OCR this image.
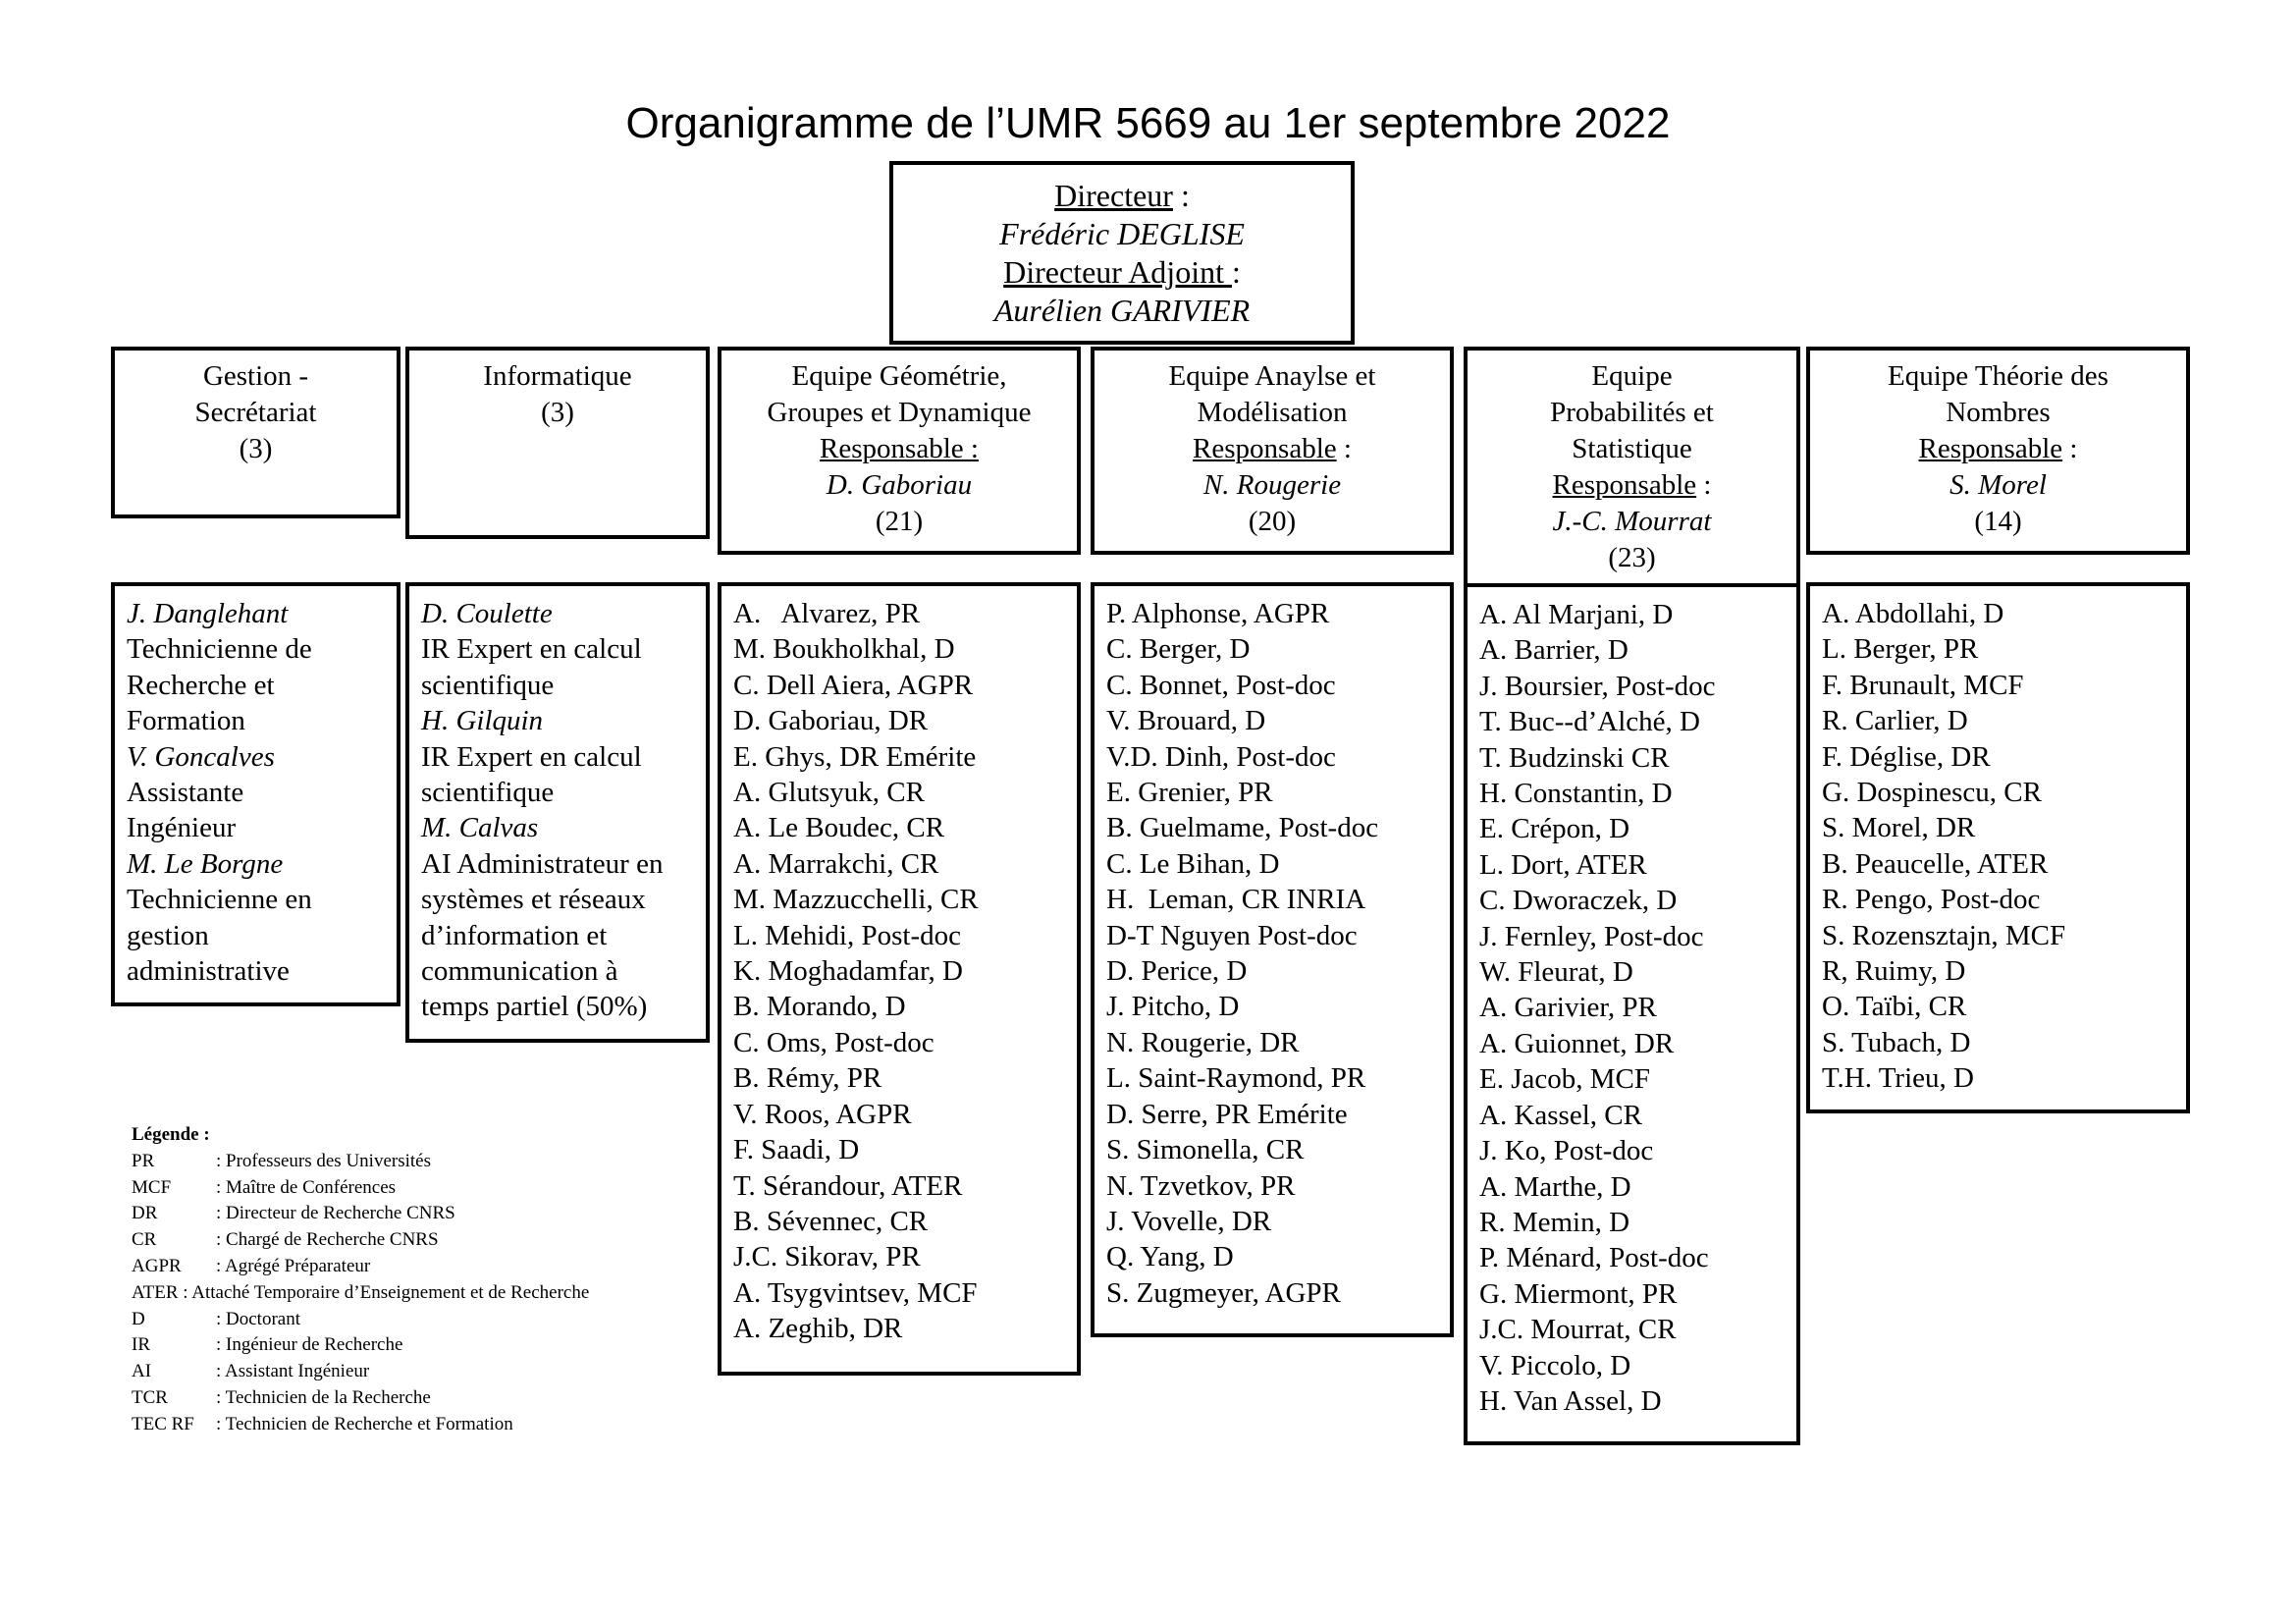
Organigramme de l’UMR 5669 au 1er septembre 2022
Directeur :
Frédéric DEGLISE
Directeur Adjoint :
Aurélien GARIVIER
Gestion -
Secrétariat
(3)
Informatique
(3)
Equipe Géométrie,
Groupes et Dynamique
Responsable :
D. Gaboriau
(21)
Equipe Anaylse et
Modélisation
Responsable :
N. Rougerie
(20)
Equipe
Probabilités et
Statistique
Responsable :
J.-C. Mourrat
(23)
Equipe Théorie des
Nombres
Responsable :
S. Morel
(14)
J. Danglehant
Technicienne de
Recherche et
Formation
V. Goncalves
Assistante
Ingénieur
M. Le Borgne
Technicienne en
gestion
administrative
D. Coulette
IR Expert en calcul
scientifique
H. Gilquin
IR Expert en calcul
scientifique
M. Calvas
AI Administrateur en
systèmes et réseaux
d’information et
communication à
temps partiel (50%)
A.   Alvarez, PR
M. Boukholkhal, D
C. Dell Aiera, AGPR
D. Gaboriau, DR
E. Ghys, DR Emérite
A. Glutsyuk, CR
A. Le Boudec, CR
A. Marrakchi, CR
M. Mazzucchelli, CR
L. Mehidi, Post-doc
K. Moghadamfar, D
B. Morando, D
C. Oms, Post-doc
B. Rémy, PR
V. Roos, AGPR
F. Saadi, D
T. Sérandour, ATER
B. Sévennec, CR
J.C. Sikorav, PR
A. Tsygvintsev, MCF
A. Zeghib, DR
P. Alphonse, AGPR
C. Berger, D
C. Bonnet, Post-doc
V. Brouard, D
V.D. Dinh, Post-doc
E. Grenier, PR
B. Guelmame, Post-doc
C. Le Bihan, D
H.  Leman, CR INRIA
D-T Nguyen Post-doc
D. Perice, D
J. Pitcho, D
N. Rougerie, DR
L. Saint-Raymond, PR
D. Serre, PR Emérite
S. Simonella, CR
N. Tzvetkov, PR
J. Vovelle, DR
Q. Yang, D
S. Zugmeyer, AGPR
A. Al Marjani, D
A. Barrier, D
J. Boursier, Post-doc
T. Buc--d’Alché, D
T. Budzinski CR
H. Constantin, D
E. Crépon, D
L. Dort, ATER
C. Dworaczek, D
J. Fernley, Post-doc
W. Fleurat, D
A. Garivier, PR
A. Guionnet, DR
E. Jacob, MCF
A. Kassel, CR
J. Ko, Post-doc
A. Marthe, D
R. Memin, D
P. Ménard, Post-doc
G. Miermont, PR
J.C. Mourrat, CR
V. Piccolo, D
H. Van Assel, D
A. Abdollahi, D
L. Berger, PR
F. Brunault, MCF
R. Carlier, D
F. Déglise, DR
G. Dospinescu, CR
S. Morel, DR
B. Peaucelle, ATER
R. Pengo, Post-doc
S. Rozensztajn, MCF
R, Ruimy, D
O. Taïbi, CR
S. Tubach, D
T.H. Trieu, D
Légende :
PR	: Professeurs des Universités
MCF : Maître de Conférences
DR	: Directeur de Recherche CNRS
CR	: Chargé de Recherche CNRS
AGPR : Agrégé Préparateur
ATER : Attaché Temporaire d’Enseignement et de Recherche
D	: Doctorant
IR	: Ingénieur de Recherche
AI	: Assistant Ingénieur
TCR	: Technicien de la Recherche
TEC RF : Technicien de Recherche et Formation
